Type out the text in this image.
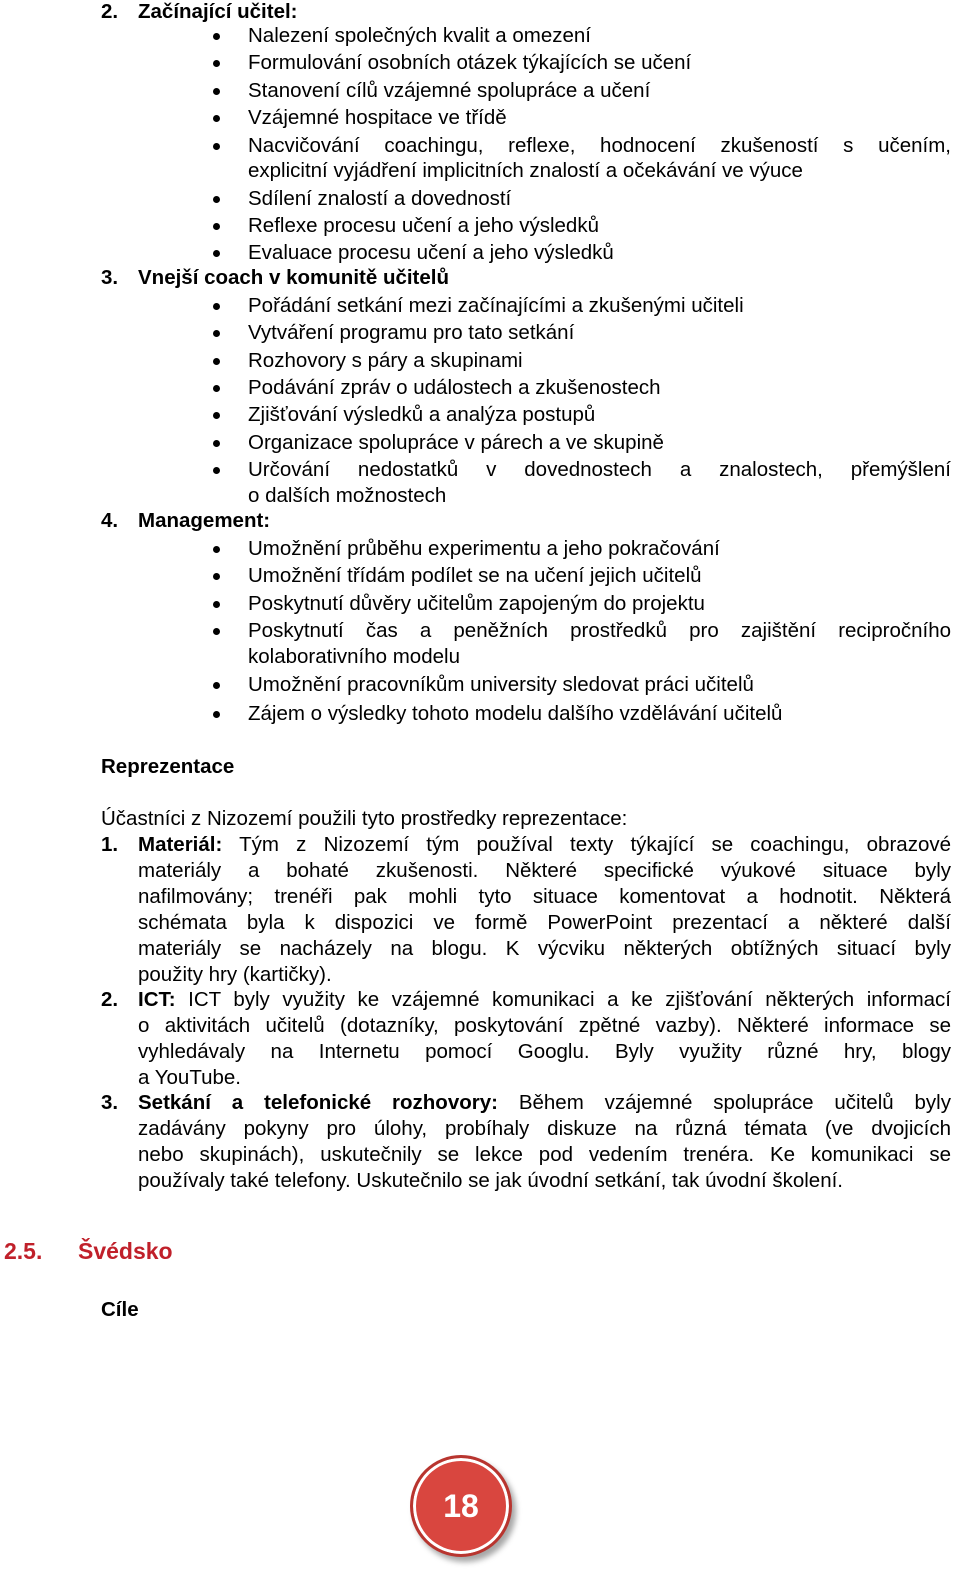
2. Začínající učitel:
Nalezení společných kvalit a omezení
Formulování osobních otázek týkajících se učení
Stanovení cílů vzájemné spolupráce a učení
Vzájemné hospitace ve třídě
Nacvičování coachingu, reflexe, hodnocení zkušeností s učením,
explicitní vyjádření implicitních znalostí a očekávání ve výuce
Sdílení znalostí a dovedností
Reflexe procesu učení a jeho výsledků
Evaluace procesu učení a jeho výsledků
3. Vnejší coach v komunitě učitelů
Pořádání setkání mezi začínajícími a zkušenými učiteli
Vytváření programu pro tato setkání
Rozhovory s páry a skupinami
Podávání zpráv o událostech a zkušenostech
Zjišťování výsledků a analýza postupů
Organizace spolupráce v párech a ve skupině
Určování nedostatků v dovednostech a znalostech, přemýšlení
o dalších možnostech
4. Management:
Umožnění průběhu experimentu a jeho pokračování
Umožnění třídám podílet se na učení jejich učitelů
Poskytnutí důvěry učitelům zapojeným do projektu
Poskytnutí čas a peněžních prostředků pro zajištění recipročního
kolaborativního modelu
Umožnění pracovníkům university sledovat práci učitelů
Zájem o výsledky tohoto modelu dalšího vzdělávání učitelů
Reprezentace
Účastníci z Nizozemí použili tyto prostředky reprezentace:
1. Materiál: Tým z Nizozemí tým používal texty týkající se coachingu, obrazové
materiály a bohaté zkušenosti. Některé specifické výukové situace byly
nafilmovány; trenéři pak mohli tyto situace komentovat a hodnotit. Některá
schémata byla k dispozici ve formě PowerPoint prezentací a některé další
materiály se nacházely na blogu. K výcviku některých obtížných situací byly
použity hry (kartičky).
2. ICT: ICT byly využity ke vzájemné komunikaci a ke zjišťování některých informací
o aktivitách učitelů (dotazníky, poskytování zpětné vazby). Některé informace se
vyhledávaly na Internetu pomocí Googlu. Byly využity různé hry, blogy
a YouTube.
3. Setkání a telefonické rozhovory: Během vzájemné spolupráce učitelů byly
zadávány pokyny pro úlohy, probíhaly diskuze na různá témata (ve dvojicích
nebo skupinách), uskutečnily se lekce pod vedením trenéra. Ke komunikaci se
používaly také telefony. Uskutečnilo se jak úvodní setkání, tak úvodní školení.
2.5. Švédsko
Cíle
18
